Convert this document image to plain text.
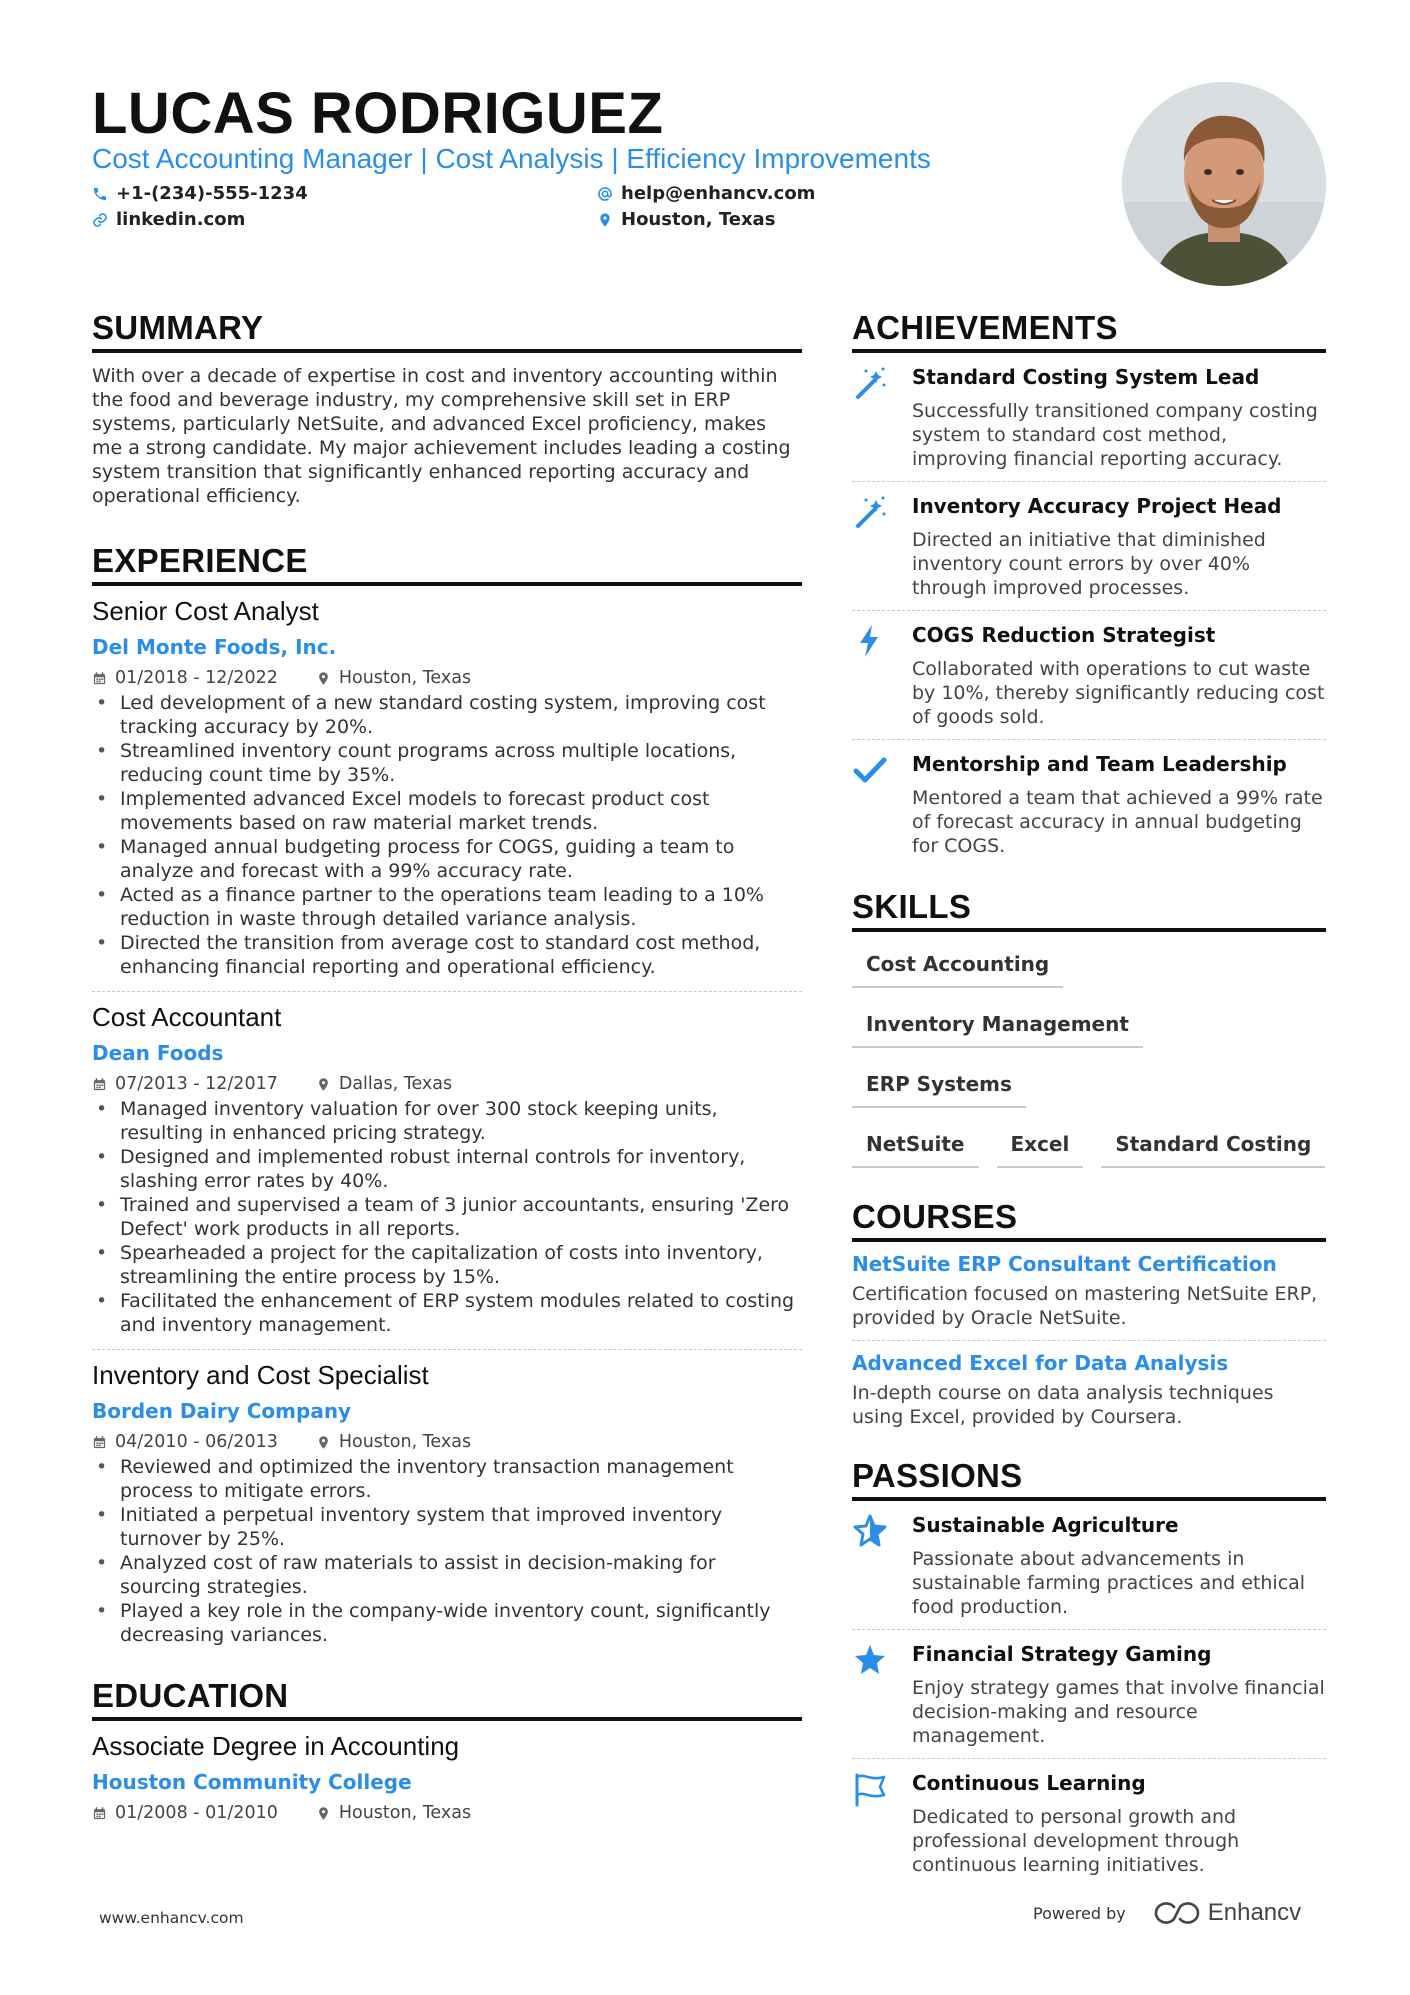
LUCAS RODRIGUEZ
Cost Accounting Manager | Cost Analysis | Efficiency Improvements
+1-(234)-555-1234	help@enhancv.com
linkedin.com	Houston, Texas
SUMMARY
With over a decade of expertise in cost and inventory accounting within the food and beverage industry, my comprehensive skill set in ERP systems, particularly NetSuite, and advanced Excel proficiency, makes me a strong candidate. My major achievement includes leading a costing system transition that significantly enhanced reporting accuracy and operational efficiency.
EXPERIENCE
Senior Cost Analyst
Del Monte Foods, Inc.
01/2018 - 12/2022	Houston, Texas
• Led development of a new standard costing system, improving cost tracking accuracy by 20%.
• Streamlined inventory count programs across multiple locations, reducing count time by 35%.
• Implemented advanced Excel models to forecast product cost movements based on raw material market trends.
• Managed annual budgeting process for COGS, guiding a team to analyze and forecast with a 99% accuracy rate.
• Acted as a finance partner to the operations team leading to a 10% reduction in waste through detailed variance analysis.
• Directed the transition from average cost to standard cost method, enhancing financial reporting and operational efficiency.
Cost Accountant
Dean Foods
07/2013 - 12/2017	Dallas, Texas
• Managed inventory valuation for over 300 stock keeping units, resulting in enhanced pricing strategy.
• Designed and implemented robust internal controls for inventory, slashing error rates by 40%.
• Trained and supervised a team of 3 junior accountants, ensuring 'Zero Defect' work products in all reports.
• Spearheaded a project for the capitalization of costs into inventory, streamlining the entire process by 15%.
• Facilitated the enhancement of ERP system modules related to costing and inventory management.
Inventory and Cost Specialist
Borden Dairy Company
04/2010 - 06/2013	Houston, Texas
• Reviewed and optimized the inventory transaction management process to mitigate errors.
• Initiated a perpetual inventory system that improved inventory turnover by 25%.
• Analyzed cost of raw materials to assist in decision-making for sourcing strategies.
• Played a key role in the company-wide inventory count, significantly decreasing variances.
EDUCATION
Associate Degree in Accounting
Houston Community College
01/2008 - 01/2010	Houston, Texas
ACHIEVEMENTS
Standard Costing System Lead
Successfully transitioned company costing system to standard cost method, improving financial reporting accuracy.
Inventory Accuracy Project Head
Directed an initiative that diminished inventory count errors by over 40% through improved processes.
COGS Reduction Strategist
Collaborated with operations to cut waste by 10%, thereby significantly reducing cost of goods sold.
Mentorship and Team Leadership
Mentored a team that achieved a 99% rate of forecast accuracy in annual budgeting for COGS.
SKILLS
Cost Accounting
Inventory Management
ERP Systems
NetSuite	Excel	Standard Costing
COURSES
NetSuite ERP Consultant Certification
Certification focused on mastering NetSuite ERP, provided by Oracle NetSuite.
Advanced Excel for Data Analysis
In-depth course on data analysis techniques using Excel, provided by Coursera.
PASSIONS
Sustainable Agriculture
Passionate about advancements in sustainable farming practices and ethical food production.
Financial Strategy Gaming
Enjoy strategy games that involve financial decision-making and resource management.
Continuous Learning
Dedicated to personal growth and professional development through continuous learning initiatives.
www.enhancv.com	Powered by	Enhancv
